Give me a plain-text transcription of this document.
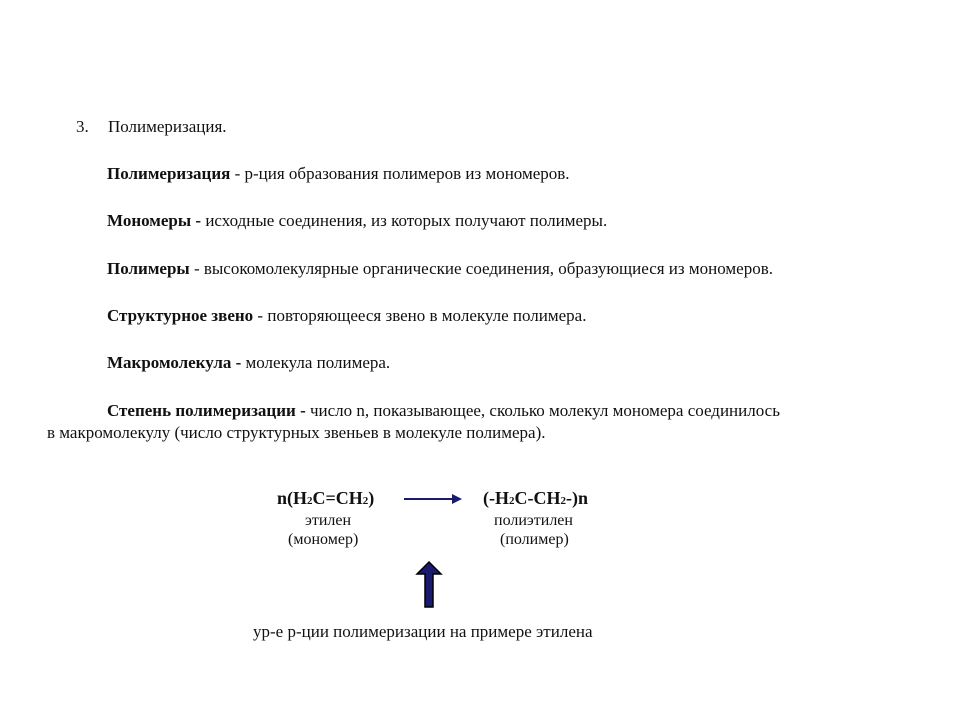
3. Полимеризация.
Полимеризация - р-ция образования полимеров из мономеров.
Мономеры - исходные соединения, из которых получают полимеры.
Полимеры - высокомолекулярные органические соединения, образующиеся из мономеров.
Структурное звено - повторяющееся звено в молекуле полимера.
Макромолекула - молекула полимера.
Степень полимеризации - число n, показывающее, сколько молекул мономера соединилось
в макромолекулу (число структурных звеньев в молекуле полимера).
n(H2C=CH2) → (-H2C-CH2-)n
этилен
(мономер)
полиэтилен
(полимер)
ур-е р-ции полимеризации на примере этилена
